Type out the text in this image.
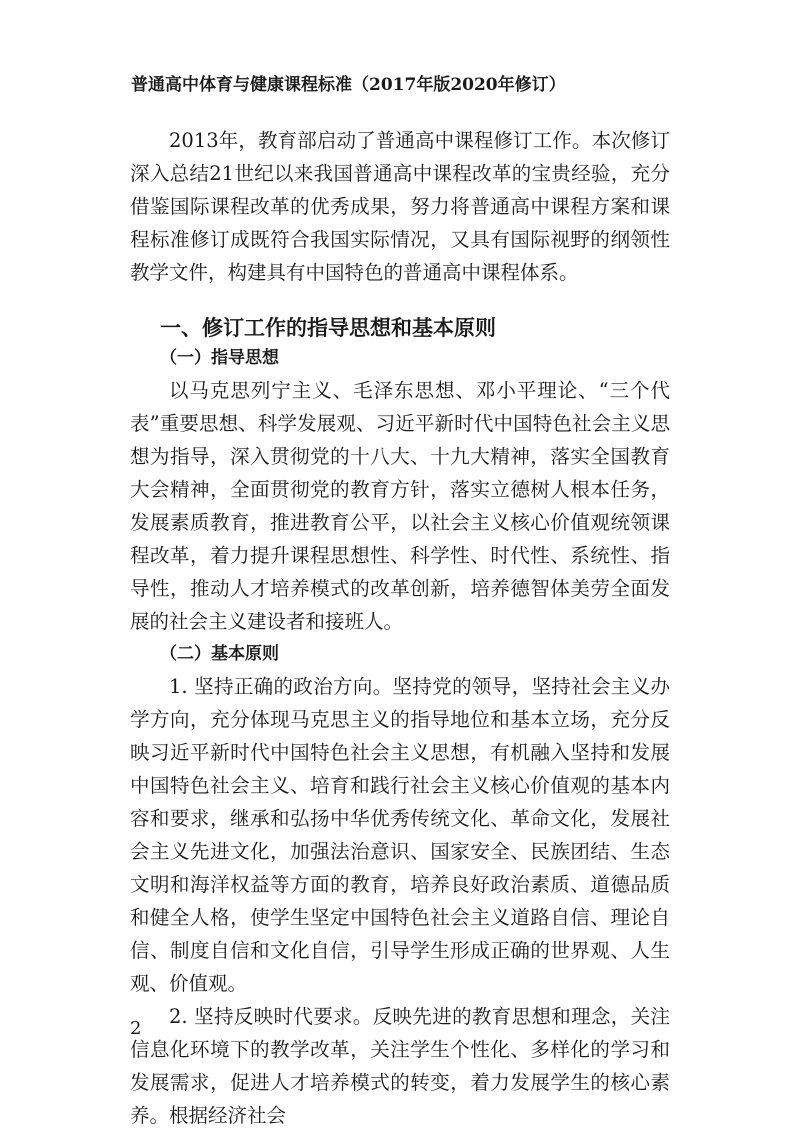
普通高中体育与健康课程标准（2017年版2020年修订）

2013年，教育部启动了普通高中课程修订工作。本次修订深入总结21世纪以来我国普通高中课程改革的宝贵经验，充分借鉴国际课程改革的优秀成果，努力将普通高中课程方案和课程标准修订成既符合我国实际情况，又具有国际视野的纲领性教学文件，构建具有中国特色的普通高中课程体系。

一、修订工作的指导思想和基本原则
（一）指导思想

以马克思列宁主义、毛泽东思想、邓小平理论、“三个代表”重要思想、科学发展观、习近平新时代中国特色社会主义思想为指导，深入贯彻党的十八大、十九大精神，落实全国教育大会精神，全面贯彻党的教育方针，落实立德树人根本任务，发展素质教育，推进教育公平，以社会主义核心价值观统领课程改革，着力提升课程思想性、科学性、时代性、系统性、指导性，推动人才培养模式的改革创新，培养德智体美劳全面发展的社会主义建设者和接班人。

（二）基本原则

1. 坚持正确的政治方向。坚持党的领导，坚持社会主义办学方向，充分体现马克思主义的指导地位和基本立场，充分反映习近平新时代中国特色社会主义思想，有机融入坚持和发展中国特色社会主义、培育和践行社会主义核心价值观的基本内容和要求，继承和弘扬中华优秀传统文化、革命文化，发展社会主义先进文化，加强法治意识、国家安全、民族团结、生态文明和海洋权益等方面的教育，培养良好政治素质、道德品质和健全人格，使学生坚定中国特色社会主义道路自信、理论自信、制度自信和文化自信，引导学生形成正确的世界观、人生观、价值观。

2. 坚持反映时代要求。反映先进的教育思想和理念，关注信息化环境下的教学改革，关注学生个性化、多样化的学习和发展需求，促进人才培养模式的转变，着力发展学生的核心素养。根据经济社会

2
